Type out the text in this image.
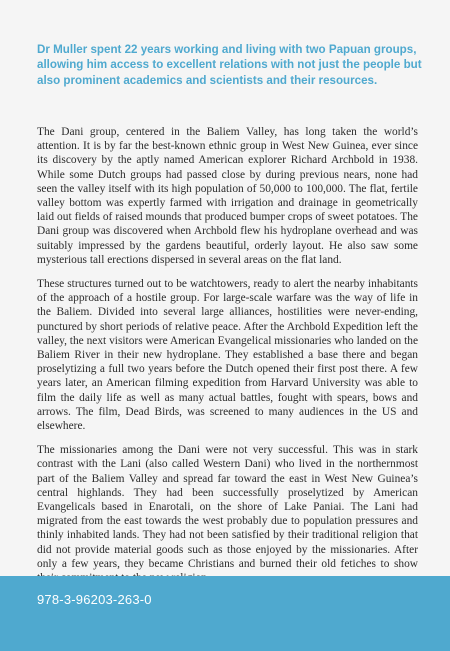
Dr Muller spent 22 years working and living with two Papuan groups, allowing him access to excellent relations with not just the people but also prominent academics and scientists and their resources.

The Dani group, centered in the Baliem Valley, has long taken the world’s attention. It is by far the best-known ethnic group in West New Guinea, ever since its discovery by the aptly named American explorer Richard Archbold in 1938. While some Dutch groups had passed close by during previous nears, none had seen the valley itself with its high population of 50,000 to 100,000. The flat, fertile valley bottom was expertly farmed with irrigation and drainage in geometrically laid out fields of raised mounds that produced bumper crops of sweet potatoes. The Dani group was discovered when Archbold flew his hydroplane overhead and was suitably impressed by the gardens beautiful, orderly layout. He also saw some mysterious tall erections dispersed in several areas on the flat land.

These structures turned out to be watchtowers, ready to alert the nearby inhabitants of the approach of a hostile group. For large-scale warfare was the way of life in the Baliem. Divided into several large alliances, hostilities were never-ending, punctured by short periods of relative peace. After the Archbold Expedition left the valley, the next visitors were American Evangelical missionaries who landed on the Baliem River in their new hydroplane. They established a base there and began proselytizing a full two years before the Dutch opened their first post there. A few years later, an American filming expedition from Harvard University was able to film the daily life as well as many actual battles, fought with spears, bows and arrows. The film, Dead Birds, was screened to many audiences in the US and elsewhere.

The missionaries among the Dani were not very successful. This was in stark contrast with the Lani (also called Western Dani) who lived in the northernmost part of the Baliem Valley and spread far toward the east in West New Guinea’s central highlands. They had been successfully proselytized by American Evangelicals based in Enarotali, on the shore of Lake Paniai. The Lani had migrated from the east towards the west probably due to population pressures and thinly inhabited lands. They had not been satisfied by their traditional religion that did not provide material goods such as those enjoyed by the missionaries. After only a few years, they became Christians and burned their old fetiches to show

978-3-96203-263-0
